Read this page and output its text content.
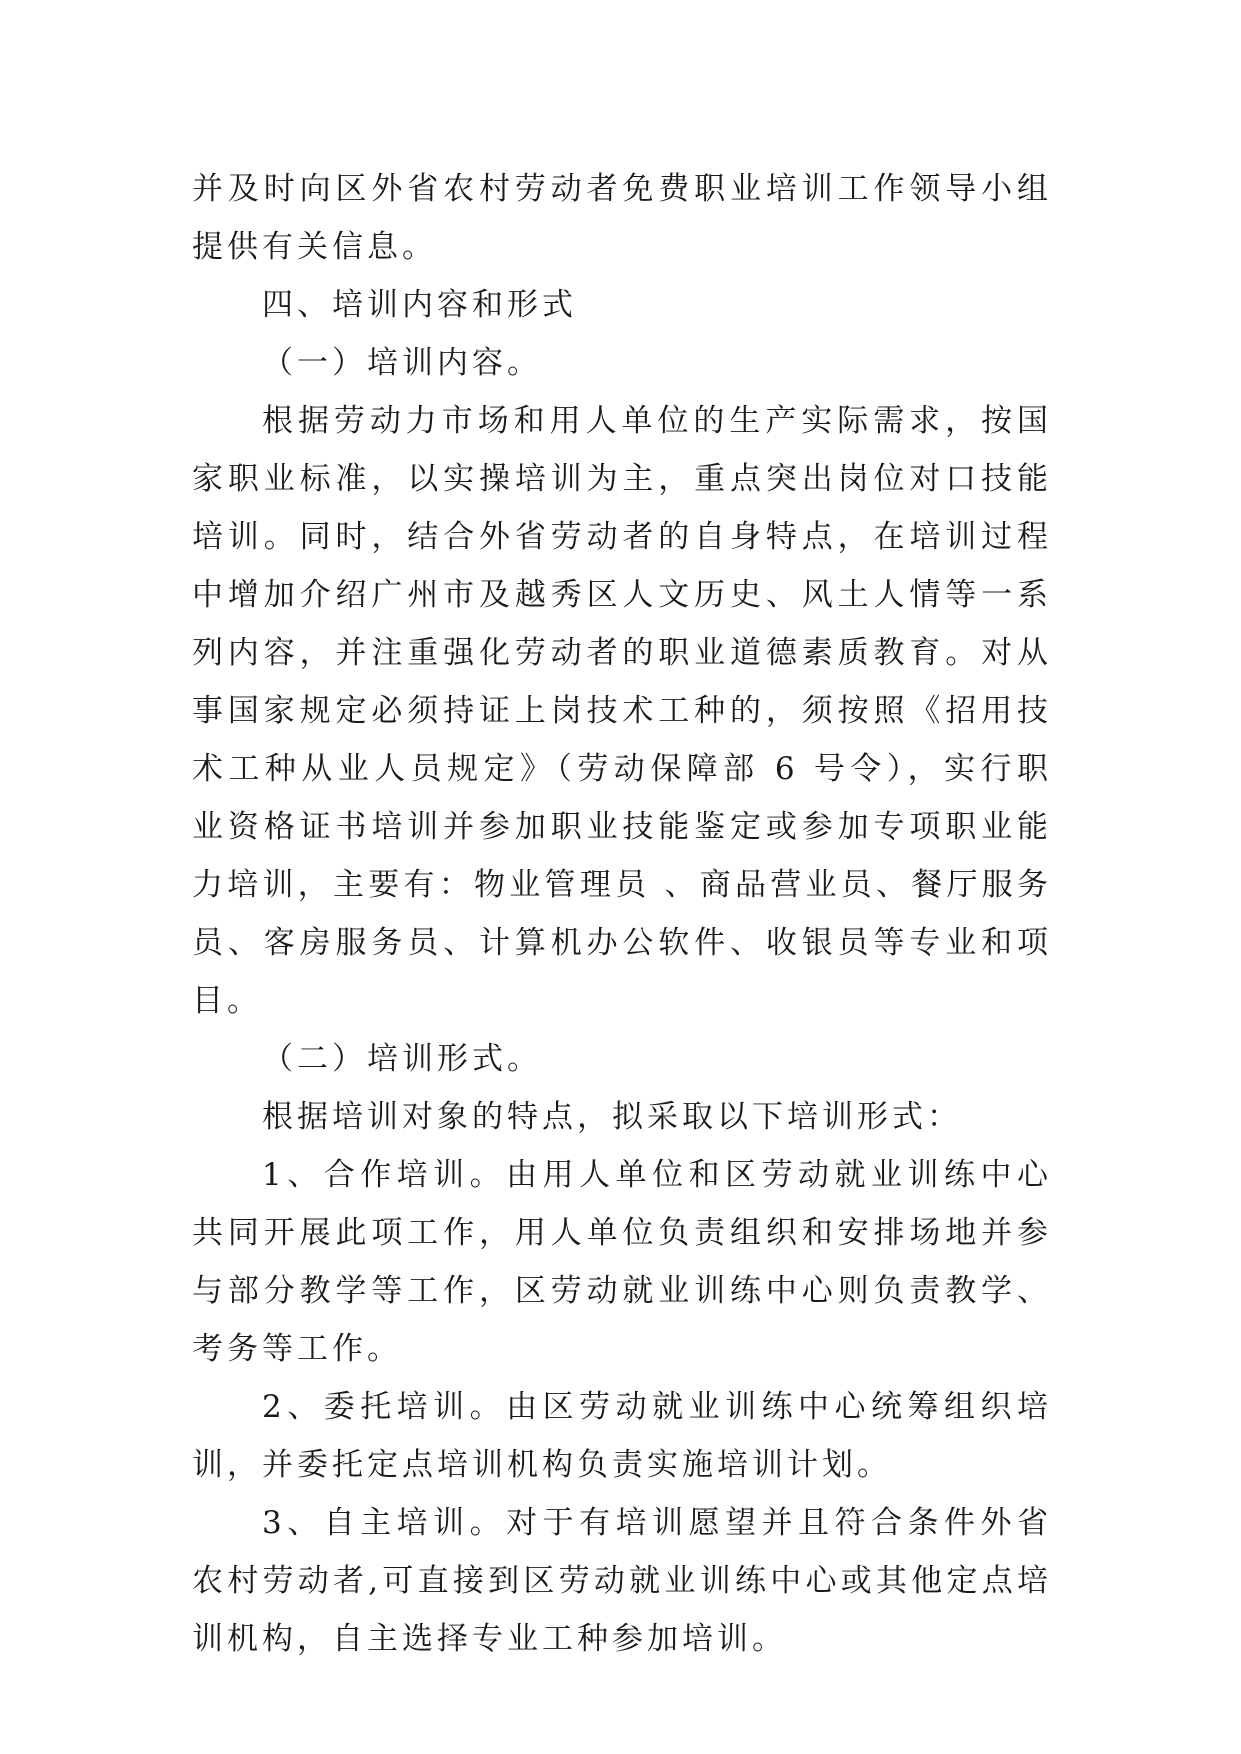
并及时向区外省农村劳动者免费职业培训工作领导小组提供有关信息。

四、培训内容和形式

（一）培训内容。

根据劳动力市场和用人单位的生产实际需求，按国家职业标准，以实操培训为主，重点突出岗位对口技能培训。同时，结合外省劳动者的自身特点，在培训过程中增加介绍广州市及越秀区人文历史、风土人情等一系列内容，并注重强化劳动者的职业道德素质教育。对从事国家规定必须持证上岗技术工种的，须按照《招用技术工种从业人员规定》（劳动保障部 6 号令），实行职业资格证书培训并参加职业技能鉴定或参加专项职业能力培训，主要有：物业管理员 、商品营业员、餐厅服务员、客房服务员、计算机办公软件、收银员等专业和项目。

（二）培训形式。

根据培训对象的特点，拟采取以下培训形式：

1、合作培训。由用人单位和区劳动就业训练中心共同开展此项工作，用人单位负责组织和安排场地并参与部分教学等工作，区劳动就业训练中心则负责教学、考务等工作。

2、委托培训。由区劳动就业训练中心统筹组织培训，并委托定点培训机构负责实施培训计划。

3、自主培训。对于有培训愿望并且符合条件外省农村劳动者,可直接到区劳动就业训练中心或其他定点培训机构，自主选择专业工种参加培训。
